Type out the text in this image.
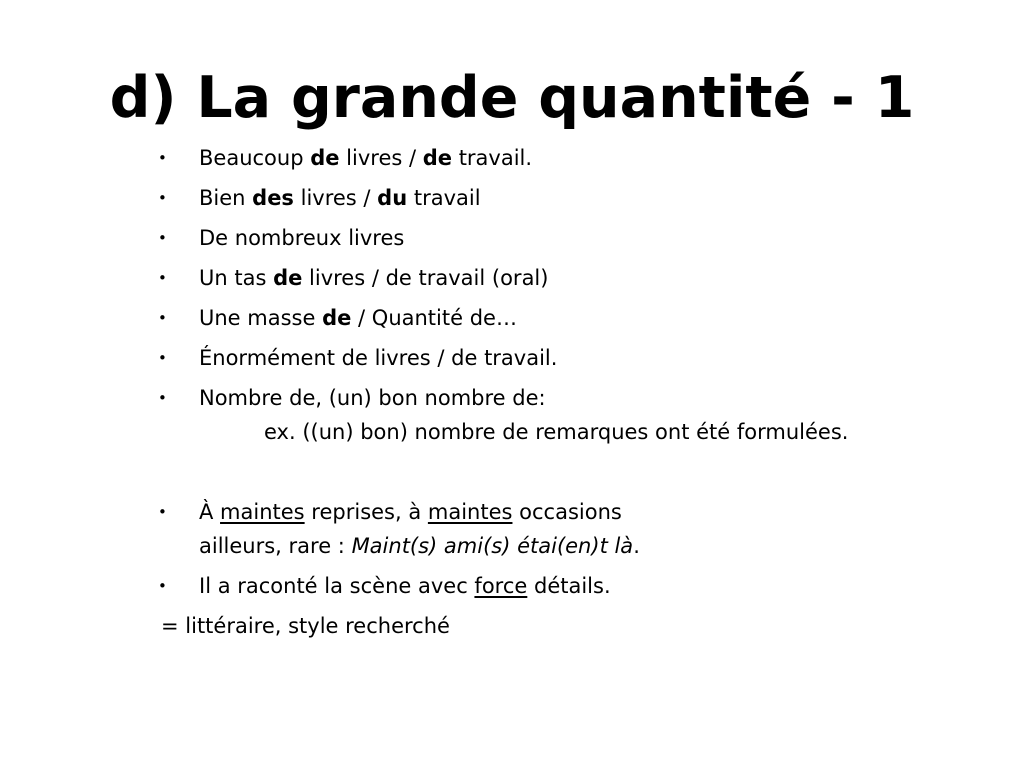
d) La grande quantité - 1
• Beaucoup de livres / de travail.
• Bien des livres / du travail
• De nombreux livres
• Un tas de livres / de travail (oral)
• Une masse de / Quantité de…
• Énormément de livres / de travail.
• Nombre de, (un) bon nombre de:
ex. ((un) bon) nombre de remarques ont été formulées.
• À maintes reprises, à maintes occasions
ailleurs, rare : Maint(s) ami(s) étai(en)t là.
• Il a raconté la scène avec force détails.
= littéraire, style recherché
